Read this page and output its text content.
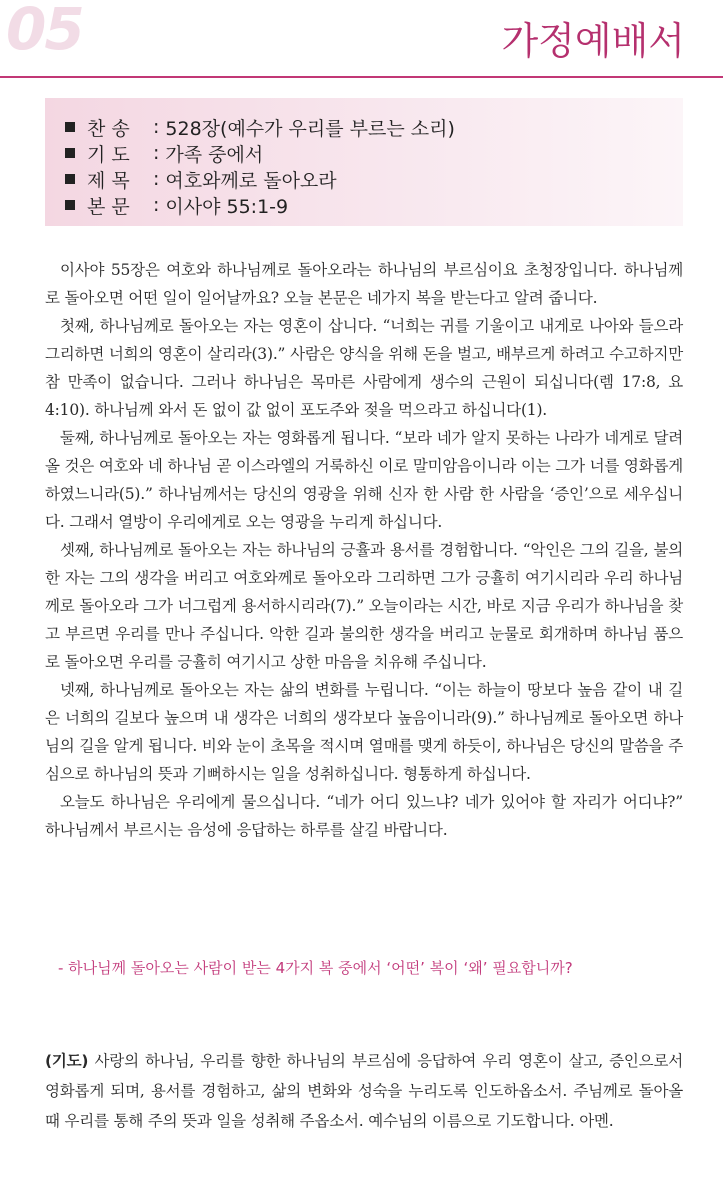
05	가정예배서
찬 송	: 528장(예수가 우리를 부르는 소리)
기 도	: 가족 중에서
제 목	: 여호와께로 돌아오라
본 문	: 이사야 55:1-9

이사야 55장은 여호와 하나님께로 돌아오라는 하나님의 부르심이요 초청장입니다. 하나님께로 돌아오면 어떤 일이 일어날까요? 오늘 본문은 네가지 복을 받는다고 알려 줍니다.

첫째, 하나님께로 돌아오는 자는 영혼이 삽니다. “너희는 귀를 기울이고 내게로 나아와 들으라 그리하면 너희의 영혼이 살리라(3).” 사람은 양식을 위해 돈을 벌고, 배부르게 하려고 수고하지만 참 만족이 없습니다. 그러나 하나님은 목마른 사람에게 생수의 근원이 되십니다(렘 17:8, 요 4:10). 하나님께 와서 돈 없이 값 없이 포도주와 젖을 먹으라고 하십니다(1).

둘째, 하나님께로 돌아오는 자는 영화롭게 됩니다. “보라 네가 알지 못하는 나라가 네게로 달려올 것은 여호와 네 하나님 곧 이스라엘의 거룩하신 이로 말미암음이니라 이는 그가 너를 영화롭게 하였느니라(5).” 하나님께서는 당신의 영광을 위해 신자 한 사람 한 사람을 ‘증인’으로 세우십니다. 그래서 열방이 우리에게로 오는 영광을 누리게 하십니다.

셋째, 하나님께로 돌아오는 자는 하나님의 긍휼과 용서를 경험합니다. “악인은 그의 길을, 불의한 자는 그의 생각을 버리고 여호와께로 돌아오라 그리하면 그가 긍휼히 여기시리라 우리 하나님께로 돌아오라 그가 너그럽게 용서하시리라(7).” 오늘이라는 시간, 바로 지금 우리가 하나님을 찾고 부르면 우리를 만나 주십니다. 악한 길과 불의한 생각을 버리고 눈물로 회개하며 하나님 품으로 돌아오면 우리를 긍휼히 여기시고 상한 마음을 치유해 주십니다.

넷째, 하나님께로 돌아오는 자는 삶의 변화를 누립니다. “이는 하늘이 땅보다 높음 같이 내 길은 너희의 길보다 높으며 내 생각은 너희의 생각보다 높음이니라(9).” 하나님께로 돌아오면 하나님의 길을 알게 됩니다. 비와 눈이 초목을 적시며 열매를 맺게 하듯이, 하나님은 당신의 말씀을 주심으로 하나님의 뜻과 기뻐하시는 일을 성취하십니다. 형통하게 하십니다.

오늘도 하나님은 우리에게 물으십니다. “네가 어디 있느냐? 네가 있어야 할 자리가 어디냐?” 하나님께서 부르시는 음성에 응답하는 하루를 살길 바랍니다.

- 하나님께 돌아오는 사람이 받는 4가지 복 중에서 ‘어떤’ 복이 ‘왜’ 필요합니까?
(기도) 사랑의 하나님, 우리를 향한 하나님의 부르심에 응답하여 우리 영혼이 살고, 증인으로서 영화롭게 되며, 용서를 경험하고, 삶의 변화와 성숙을 누리도록 인도하옵소서. 주님께로 돌아올 때 우리를 통해 주의 뜻과 일을 성취해 주옵소서. 예수님의 이름으로 기도합니다. 아멘.
